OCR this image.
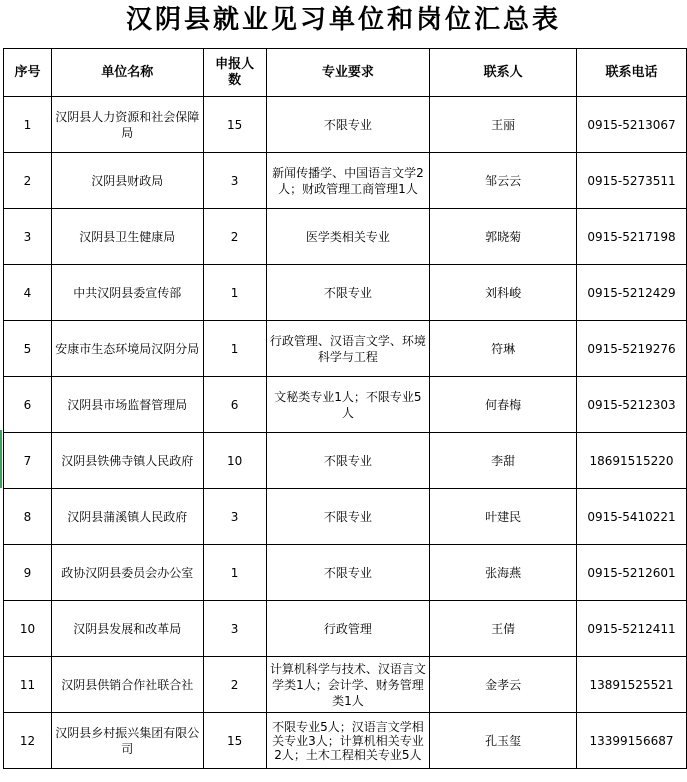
汉阴县就业见习单位和岗位汇总表
序号	单位名称	申报人数	专业要求	联系人	联系电话
1	汉阴县人力资源和社会保障局	15	不限专业	王丽	0915-5213067
2	汉阴县财政局	3	新闻传播学、中国语言文学2人；财政管理工商管理1人	邹云云	0915-5273511
3	汉阴县卫生健康局	2	医学类相关专业	郭晓菊	0915-5217198
4	中共汉阴县委宣传部	1	不限专业	刘科峻	0915-5212429
5	安康市生态环境局汉阴分局	1	行政管理、汉语言文学、环境科学与工程	符琳	0915-5219276
6	汉阴县市场监督管理局	6	文秘类专业1人；不限专业5人	何春梅	0915-5212303
7	汉阴县铁佛寺镇人民政府	10	不限专业	李甜	18691515220
8	汉阴县蒲溪镇人民政府	3	不限专业	叶建民	0915-5410221
9	政协汉阴县委员会办公室	1	不限专业	张海燕	0915-5212601
10	汉阴县发展和改革局	3	行政管理	王倩	0915-5212411
11	汉阴县供销合作社联合社	2	计算机科学与技术、汉语言文学类1人；会计学、财务管理类1人	金孝云	13891525521
12	汉阴县乡村振兴集团有限公司	15	不限专业5人；汉语言文学相关专业3人；计算机相关专业2人；土木工程相关专业5人	孔玉玺	13399156687
